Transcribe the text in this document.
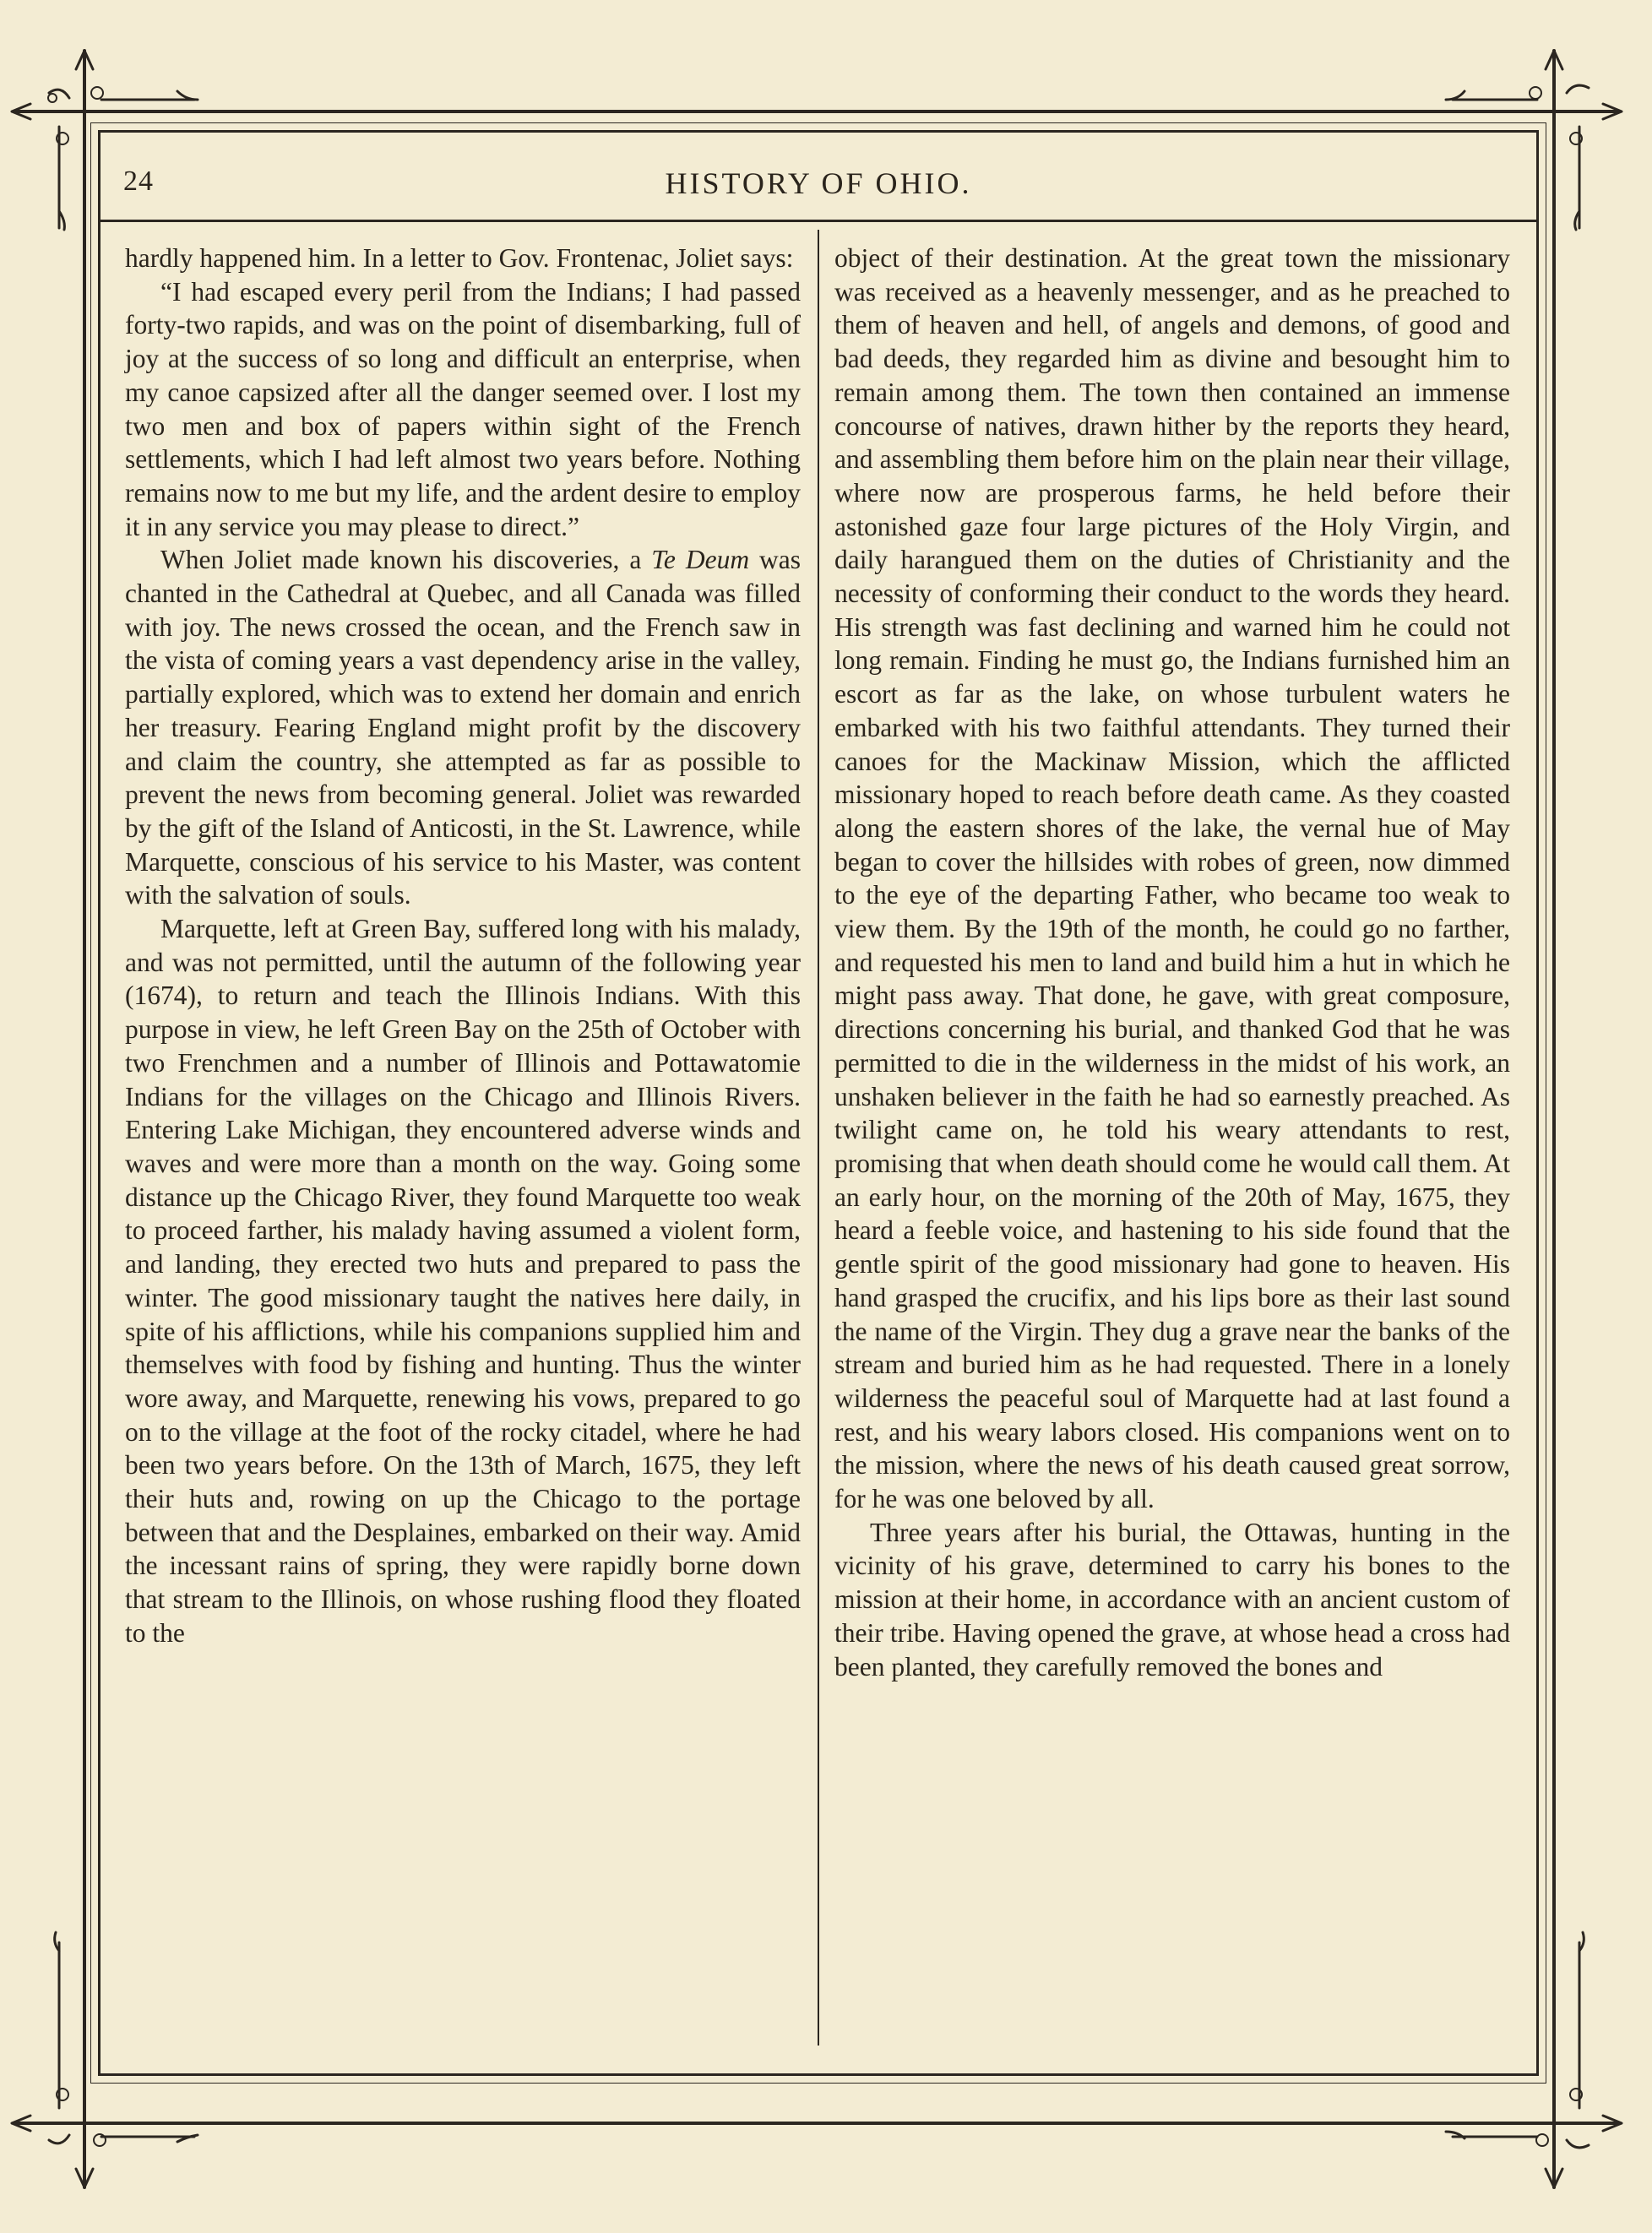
24	HISTORY OF OHIO.

hardly happened him. In a letter to Gov. Frontenac, Joliet says:

“I had escaped every peril from the Indians; I had passed forty-two rapids, and was on the point of disembarking, full of joy at the success of so long and difficult an enterprise, when my canoe capsized after all the danger seemed over. I lost my two men and box of papers within sight of the French settlements, which I had left almost two years before. Nothing remains now to me but my life, and the ardent desire to employ it in any service you may please to direct.”

When Joliet made known his discoveries, a Te Deum was chanted in the Cathedral at Quebec, and all Canada was filled with joy. The news crossed the ocean, and the French saw in the vista of coming years a vast dependency arise in the valley, partially explored, which was to extend her domain and enrich her treasury. Fearing England might profit by the discovery and claim the country, she attempted as far as possible to prevent the news from becoming general. Joliet was rewarded by the gift of the Island of Anticosti, in the St. Lawrence, while Marquette, conscious of his service to his Master, was content with the salvation of souls.

Marquette, left at Green Bay, suffered long with his malady, and was not permitted, until the autumn of the following year (1674), to return and teach the Illinois Indians. With this purpose in view, he left Green Bay on the 25th of October with two Frenchmen and a number of Illinois and Pottawatomie Indians for the villages on the Chicago and Illinois Rivers. Entering Lake Michigan, they encountered adverse winds and waves and were more than a month on the way. Going some distance up the Chicago River, they found Marquette too weak to proceed farther, his malady having assumed a violent form, and landing, they erected two huts and prepared to pass the winter. The good missionary taught the natives here daily, in spite of his afflictions, while his companions supplied him and themselves with food by fishing and hunting. Thus the winter wore away, and Marquette, renewing his vows, prepared to go on to the village at the foot of the rocky citadel, where he had been two years before. On the 13th of March, 1675, they left their huts and, rowing on up the Chicago to the portage between that and the Desplaines, embarked on their way. Amid the incessant rains of spring, they were rapidly borne down that stream to the Illinois, on whose rushing flood they floated to the

object of their destination. At the great town the missionary was received as a heavenly messenger, and as he preached to them of heaven and hell, of angels and demons, of good and bad deeds, they regarded him as divine and besought him to remain among them. The town then contained an immense concourse of natives, drawn hither by the reports they heard, and assembling them before him on the plain near their village, where now are prosperous farms, he held before their astonished gaze four large pictures of the Holy Virgin, and daily harangued them on the duties of Christianity and the necessity of conforming their conduct to the words they heard. His strength was fast declining and warned him he could not long remain. Finding he must go, the Indians furnished him an escort as far as the lake, on whose turbulent waters he embarked with his two faithful attendants. They turned their canoes for the Mackinaw Mission, which the afflicted missionary hoped to reach before death came. As they coasted along the eastern shores of the lake, the vernal hue of May began to cover the hillsides with robes of green, now dimmed to the eye of the departing Father, who became too weak to view them. By the 19th of the month, he could go no farther, and requested his men to land and build him a hut in which he might pass away. That done, he gave, with great composure, directions concerning his burial, and thanked God that he was permitted to die in the wilderness in the midst of his work, an unshaken believer in the faith he had so earnestly preached. As twilight came on, he told his weary attendants to rest, promising that when death should come he would call them. At an early hour, on the morning of the 20th of May, 1675, they heard a feeble voice, and hastening to his side found that the gentle spirit of the good missionary had gone to heaven. His hand grasped the crucifix, and his lips bore as their last sound the name of the Virgin. They dug a grave near the banks of the stream and buried him as he had requested. There in a lonely wilderness the peaceful soul of Marquette had at last found a rest, and his weary labors closed. His companions went on to the mission, where the news of his death caused great sorrow, for he was one beloved by all.

Three years after his burial, the Ottawas, hunting in the vicinity of his grave, determined to carry his bones to the mission at their home, in accordance with an ancient custom of their tribe. Having opened the grave, at whose head a cross had been planted, they carefully removed the bones and
